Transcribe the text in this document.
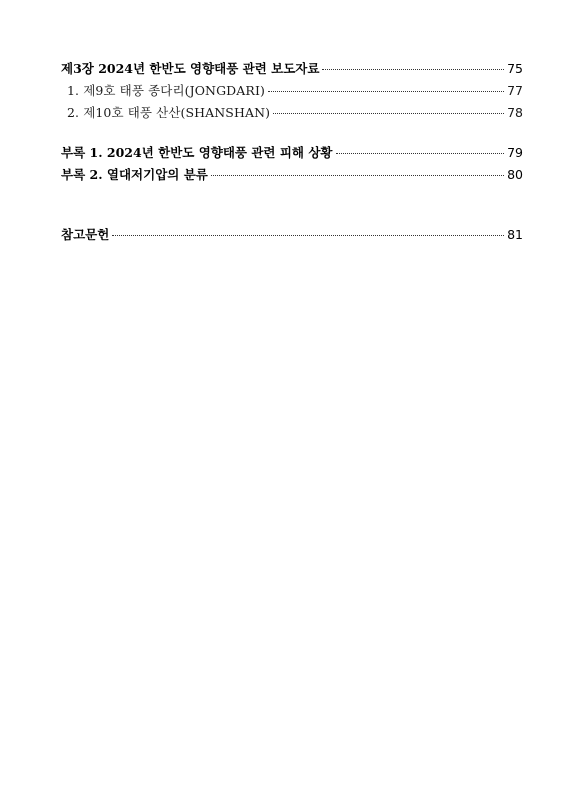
제3장 2024년 한반도 영향태풍 관련 보도자료	75
1. 제9호 태풍 종다리(JONGDARI)	77
2. 제10호 태풍 산산(SHANSHAN)	78
부록 1. 2024년 한반도 영향태풍 관련 피해 상황	79
부록 2. 열대저기압의 분류	80
참고문헌	81
